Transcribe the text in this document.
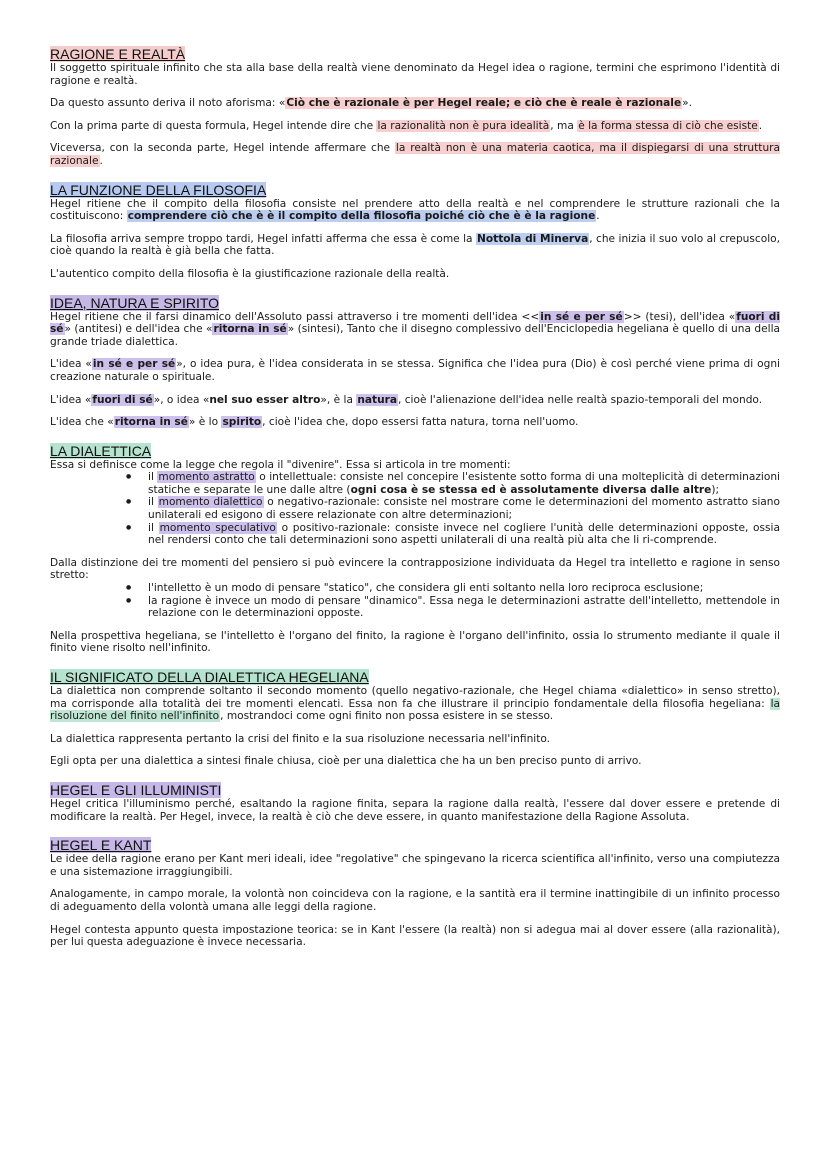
RAGIONE E REALTÀ

Il soggetto spirituale infinito che sta alla base della realtà viene denominato da Hegel idea o ragione, termini che esprimono l'identità di ragione e realtà.

Da questo assunto deriva il noto aforisma: «Ciò che è razionale è per Hegel reale; e ciò che è reale è razionale».

Con la prima parte di questa formula, Hegel intende dire che la razionalità non è pura idealità, ma è la forma stessa di ciò che esiste.

Viceversa, con la seconda parte, Hegel intende affermare che la realtà non è una materia caotica, ma il dispiegarsi di una struttura razionale.

LA FUNZIONE DELLA FILOSOFIA

Hegel ritiene che il compito della filosofia consiste nel prendere atto della realtà e nel comprendere le strutture razionali che la costituiscono: comprendere ciò che è è il compito della filosofia poiché ciò che è è la ragione.

La filosofia arriva sempre troppo tardi, Hegel infatti afferma che essa è come la Nottola di Minerva, che inizia il suo volo al crepuscolo, cioè quando la realtà è già bella che fatta.

L'autentico compito della filosofia è la giustificazione razionale della realtà.

IDEA, NATURA E SPIRITO

Hegel ritiene che il farsi dinamico dell'Assoluto passi attraverso i tre momenti dell'idea <<in sé e per sé>> (tesi), dell'idea «fuori di sé» (antitesi) e dell'idea che «ritorna in sé» (sintesi), Tanto che il disegno complessivo dell'Enciclopedia hegeliana è quello di una della grande triade dialettica.

L'idea «in sé e per sé», o idea pura, è l'idea considerata in se stessa. Significa che l'idea pura (Dio) è così perché viene prima di ogni creazione naturale o spirituale.

L'idea «fuori di sé», o idea «nel suo esser altro», è la natura, cioè l'alienazione dell'idea nelle realtà spazio-temporali del mondo.

L'idea che «ritorna in sé» è lo spirito, cioè l'idea che, dopo essersi fatta natura, torna nell'uomo.

LA DIALETTICA

Essa si definisce come la legge che regola il "divenire". Essa si articola in tre momenti:

● il momento astratto o intellettuale: consiste nel concepire l'esistente sotto forma di una molteplicità di determinazioni statiche e separate le une dalle altre (ogni cosa è se stessa ed è assolutamente diversa dalle altre);
● il momento dialettico o negativo-razionale: consiste nel mostrare come le determinazioni del momento astratto siano unilaterali ed esigono di essere relazionate con altre determinazioni;
● il momento speculativo o positivo-razionale: consiste invece nel cogliere l'unità delle determinazioni opposte, ossia nel rendersi conto che tali determinazioni sono aspetti unilaterali di una realtà più alta che li ri-comprende.

Dalla distinzione dei tre momenti del pensiero si può evincere la contrapposizione individuata da Hegel tra intelletto e ragione in senso stretto:

● l'intelletto è un modo di pensare "statico", che considera gli enti soltanto nella loro reciproca esclusione;
● la ragione è invece un modo di pensare "dinamico". Essa nega le determinazioni astratte dell'intelletto, mettendole in relazione con le determinazioni opposte.

Nella prospettiva hegeliana, se l'intelletto è l'organo del finito, la ragione è l'organo dell'infinito, ossia lo strumento mediante il quale il finito viene risolto nell'infinito.

IL SIGNIFICATO DELLA DIALETTICA HEGELIANA

La dialettica non comprende soltanto il secondo momento (quello negativo-razionale, che Hegel chiama «dialettico» in senso stretto), ma corrisponde alla totalità dei tre momenti elencati. Essa non fa che illustrare il principio fondamentale della filosofia hegeliana: la risoluzione del finito nell'infinito, mostrandoci come ogni finito non possa esistere in se stesso.

La dialettica rappresenta pertanto la crisi del finito e la sua risoluzione necessaria nell'infinito.

Egli opta per una dialettica a sintesi finale chiusa, cioè per una dialettica che ha un ben preciso punto di arrivo.

HEGEL E GLI ILLUMINISTI

Hegel critica l'illuminismo perché, esaltando la ragione finita, separa la ragione dalla realtà, l'essere dal dover essere e pretende di modificare la realtà. Per Hegel, invece, la realtà è ciò che deve essere, in quanto manifestazione della Ragione Assoluta.

HEGEL E KANT

Le idee della ragione erano per Kant meri ideali, idee "regolative" che spingevano la ricerca scientifica all'infinito, verso una compiutezza e una sistemazione irraggiungibili.

Analogamente, in campo morale, la volontà non coincideva con la ragione, e la santità era il termine inattingibile di un infinito processo di adeguamento della volontà umana alle leggi della ragione.

Hegel contesta appunto questa impostazione teorica: se in Kant l'essere (la realtà) non si adegua mai al dover essere (alla razionalità), per lui questa adeguazione è invece necessaria.
